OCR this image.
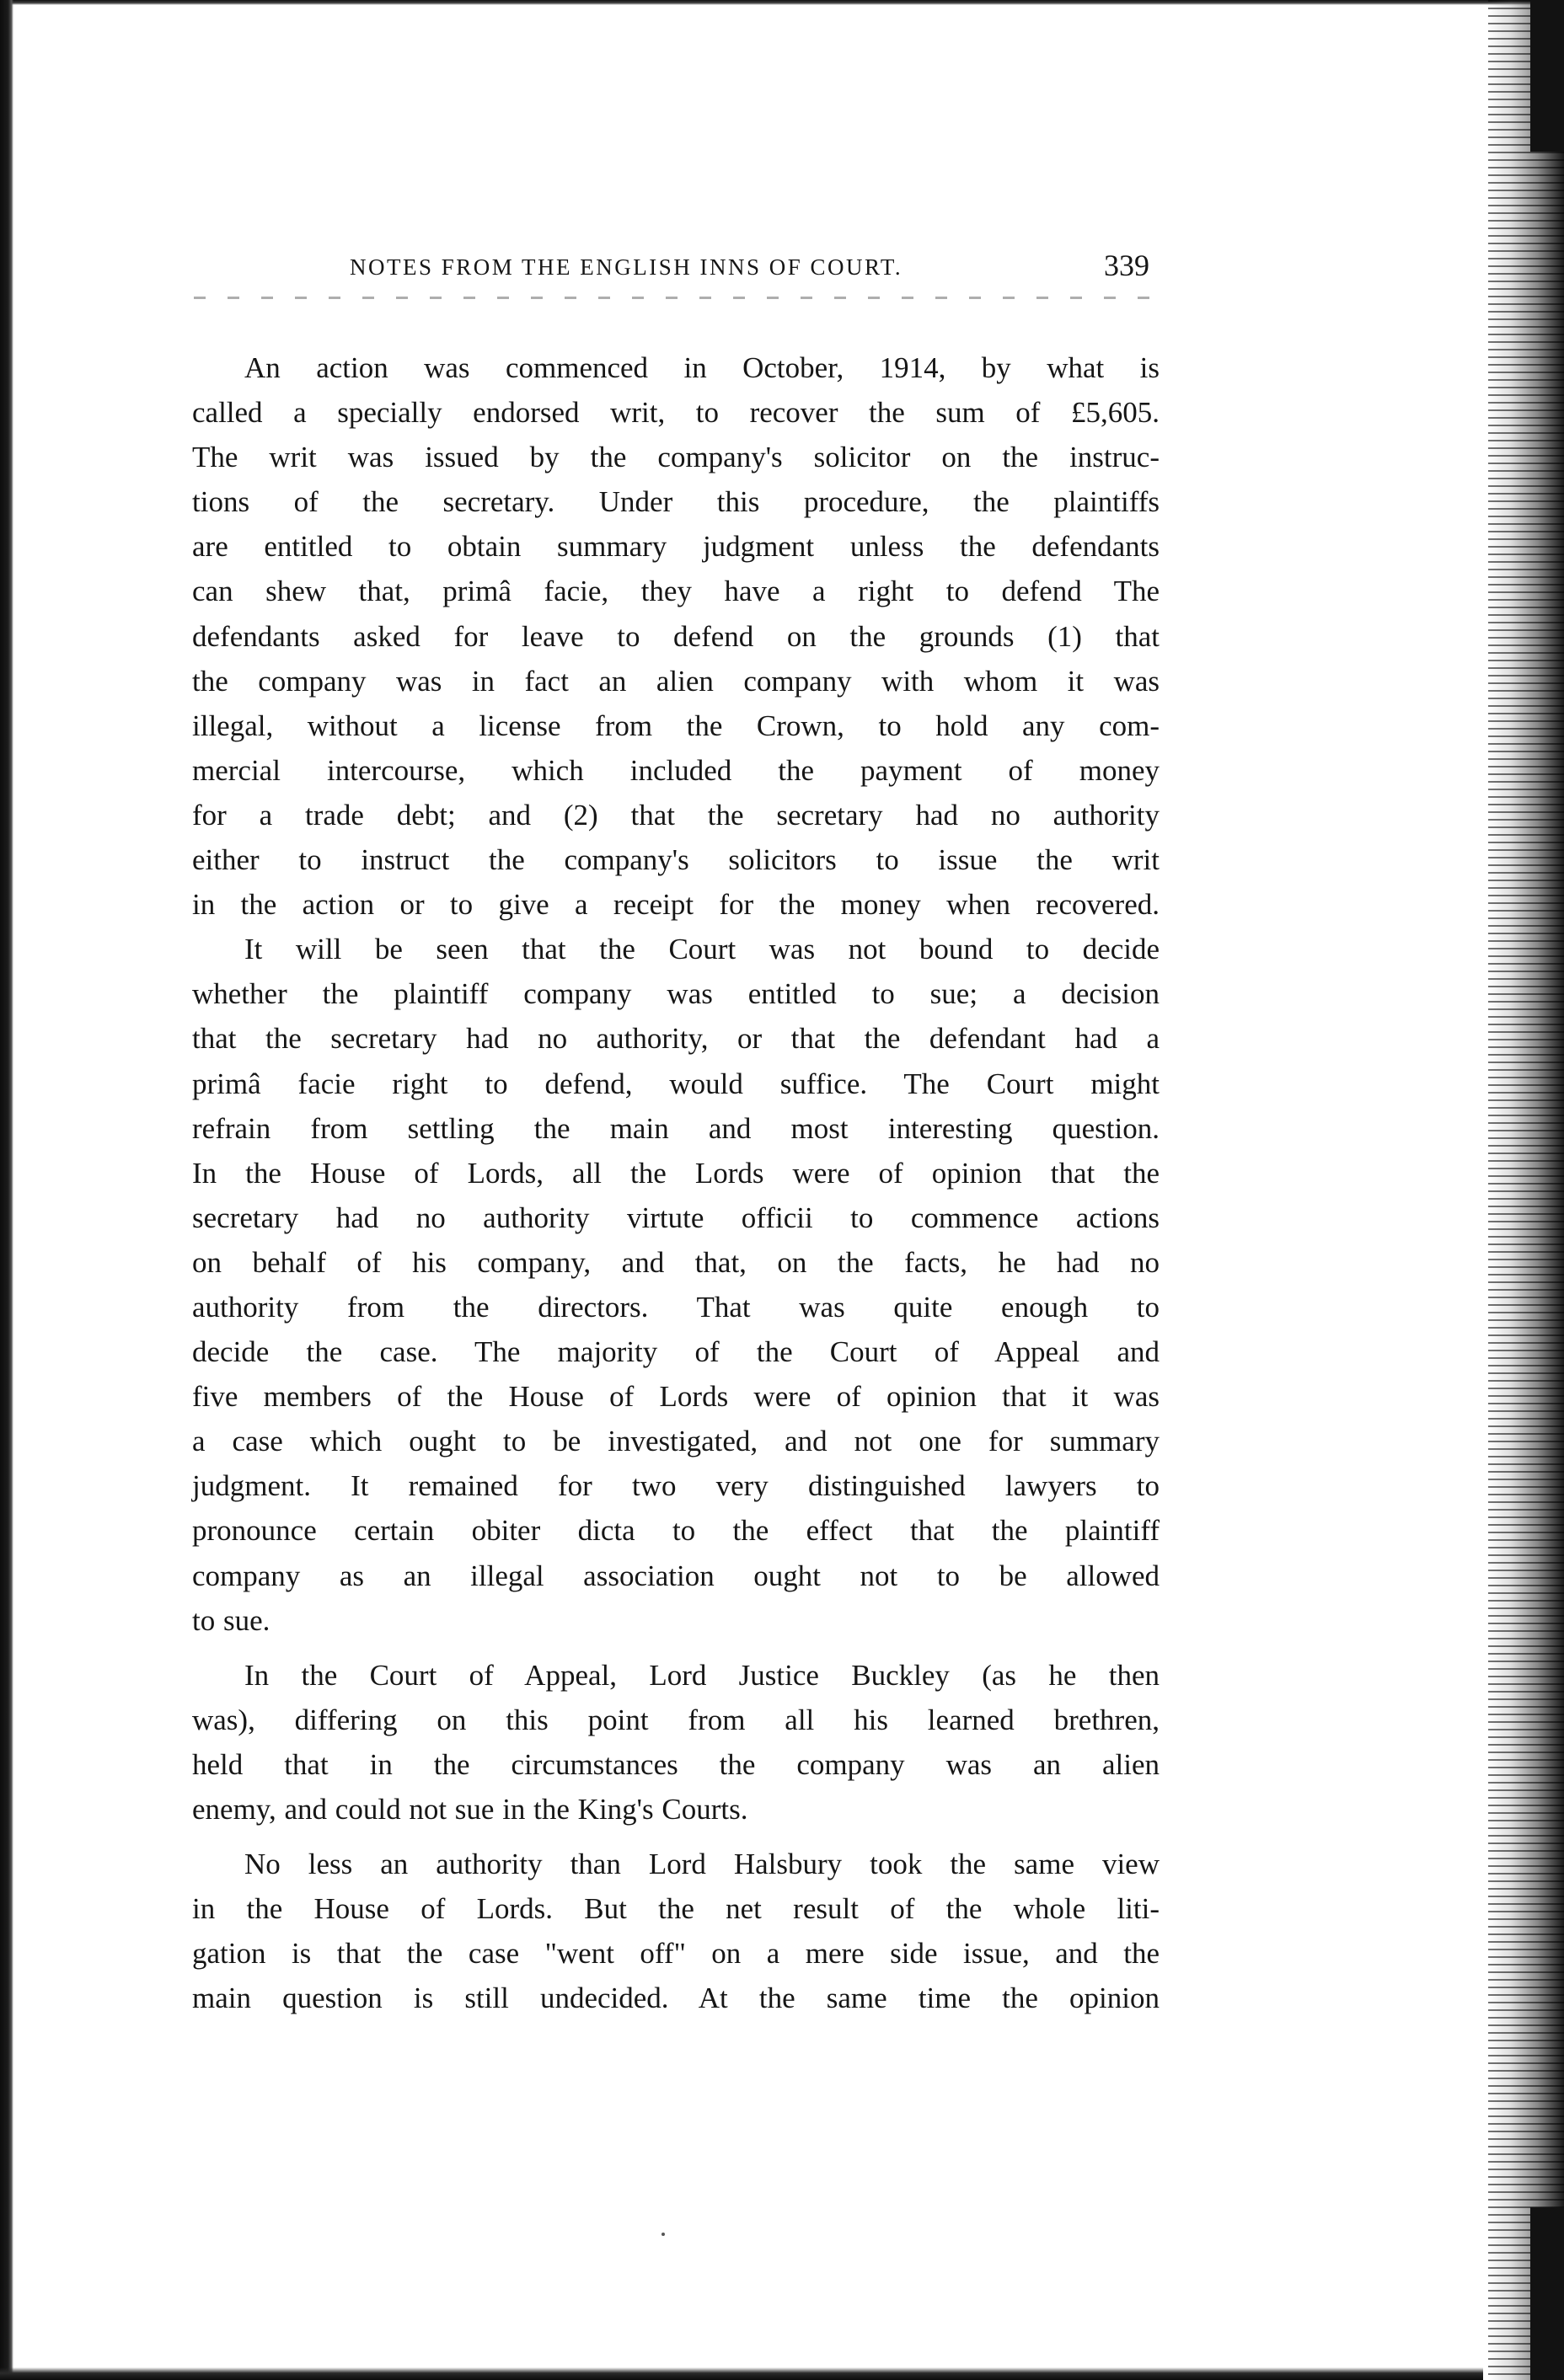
NOTES FROM THE ENGLISH INNS OF COURT.	339
An action was commenced in October, 1914, by what is
called a specially endorsed writ, to recover the sum of £5,605.
The writ was issued by the company's solicitor on the instruc-
tions of the secretary. Under this procedure, the plaintiffs
are entitled to obtain summary judgment unless the defendants
can shew that, primâ facie, they have a right to defend The
defendants asked for leave to defend on the grounds (1) that
the company was in fact an alien company with whom it was
illegal, without a license from the Crown, to hold any com-
mercial intercourse, which included the payment of money
for a trade debt; and (2) that the secretary had no authority
either to instruct the company's solicitors to issue the writ
in the action or to give a receipt for the money when recovered.
It will be seen that the Court was not bound to decide
whether the plaintiff company was entitled to sue; a decision
that the secretary had no authority, or that the defendant had a
primâ facie right to defend, would suffice. The Court might
refrain from settling the main and most interesting question.
In the House of Lords, all the Lords were of opinion that the
secretary had no authority virtute officii to commence actions
on behalf of his company, and that, on the facts, he had no
authority from the directors. That was quite enough to
decide the case. The majority of the Court of Appeal and
five members of the House of Lords were of opinion that it was
a case which ought to be investigated, and not one for summary
judgment. It remained for two very distinguished lawyers to
pronounce certain obiter dicta to the effect that the plaintiff
company as an illegal association ought not to be allowed
to sue.
In the Court of Appeal, Lord Justice Buckley (as he then
was), differing on this point from all his learned brethren,
held that in the circumstances the company was an alien
enemy, and could not sue in the King's Courts.
No less an authority than Lord Halsbury took the same view
in the House of Lords. But the net result of the whole liti-
gation is that the case "went off" on a mere side issue, and the
main question is still undecided. At the same time the opinion
